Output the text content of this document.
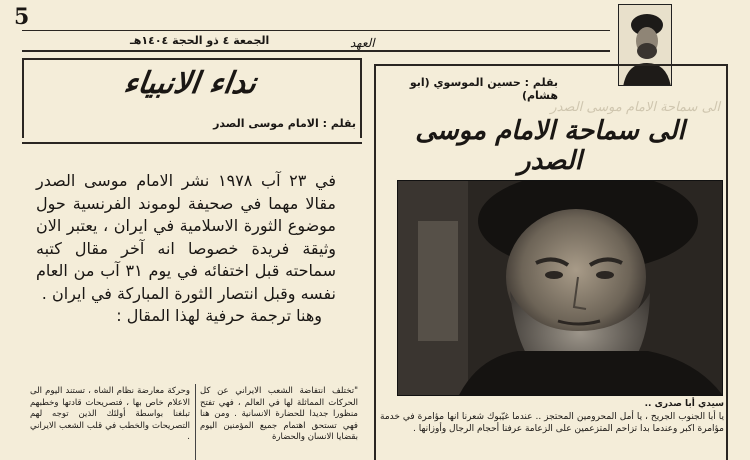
5
الجمعة ٤ ذو الحجة ١٤٠٤هـ	العهد
نداء الانبياء
بقلم : الامام موسى الصدر

في ٢٣ آب ١٩٧٨ نشر الامام موسى الصدر مقالا مهما في صحيفة لوموند الفرنسية حول موضوع الثورة الاسلامية في ايران ، يعتبر الان وثيقة فريدة خصوصا انه آخر مقال كتبه سماحته قبل اختفائه في يوم ٣١ آب من العام نفسه وقبل انتصار الثورة المباركة في ايران .

وهنا ترجمة حرفية لهذا المقال :

"تختلف انتفاضة الشعب الايراني عن كل الحركات المماثلة لها في العالم ، فهي تفتح منظورا جديدا للحضارة الانسانية . ومن هنا فهي تستحق اهتمام جميع المؤمنين اليوم بقضايا الانسان والحضارة
وحركة معارضة نظام الشاه ، تستند اليوم الى الاعلام خاص بها ، فتصريحات قادتها وخطبهم تبلغنا بواسطة أولئك الذين توجه لهم التصريحات والخطب في قلب الشعب الايراني .
بقلم : حسين الموسوي (ابو هشام)
الى سماحة الامام موسى الصدر
الى سماحة الامام موسى الصدر
سيدي أبا صدرى ..
يا أبا الجنوب الجريح ، يا أمل المحرومين المحتجز .. عندما غيّبوك شعرنا انها مؤامرة في خدمة مؤامرة اكبر وعندما بدا تزاحم المتزعمين على الزعامة عرفنا أحجام الرجال وأوزانها .
